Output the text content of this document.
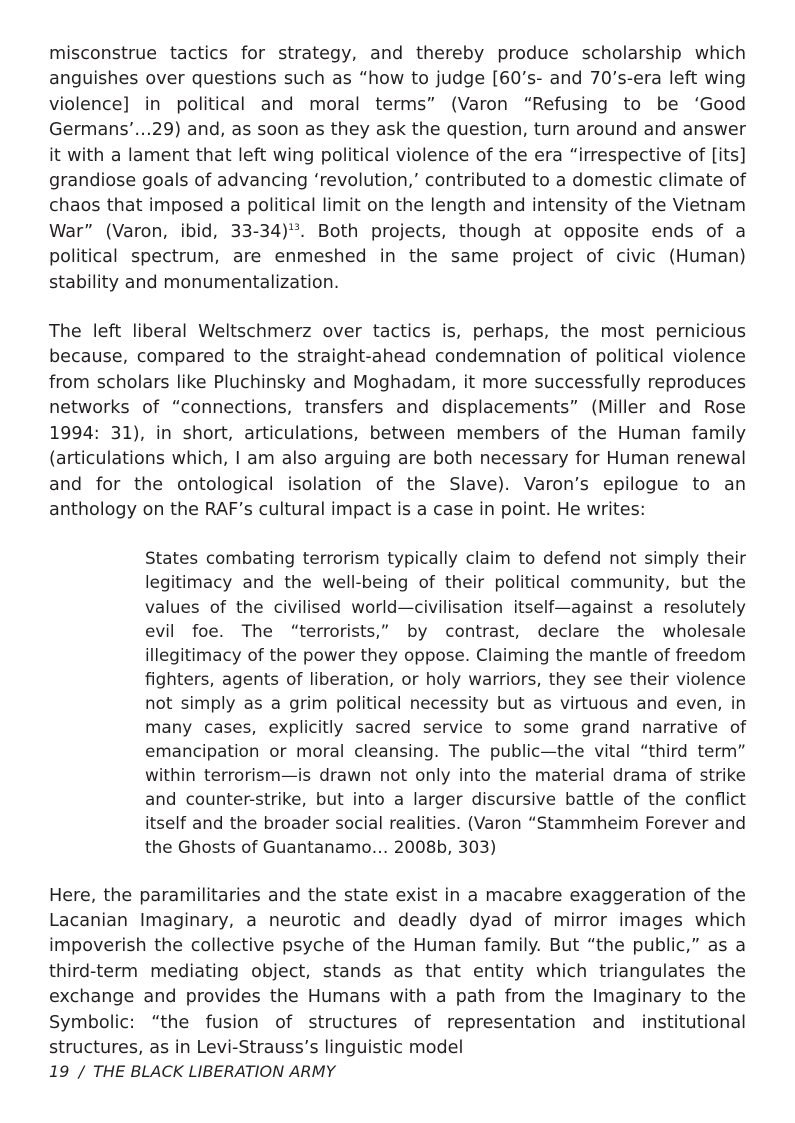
misconstrue tactics for strategy, and thereby produce scholarship which anguishes over questions such as “how to judge [60’s- and 70’s-era left wing violence] in political and moral terms” (Varon “Refusing to be ‘Good Germans’…29) and, as soon as they ask the question, turn around and answer it with a lament that left wing political violence of the era “irrespective of [its] grandiose goals of advancing ‘revolution,’ contributed to a domestic climate of chaos that imposed a political limit on the length and intensity of the Vietnam War” (Varon, ibid, 33-34)$^{13}$. Both projects, though at opposite ends of a political spectrum, are enmeshed in the same project of civic (Human) stability and monumentalization.

The left liberal Weltschmerz over tactics is, perhaps, the most pernicious because, compared to the straight-ahead condemnation of political violence from scholars like Pluchinsky and Moghadam, it more successfully reproduces networks of “connections, transfers and displacements” (Miller and Rose 1994: 31), in short, articulations, between members of the Human family (articulations which, I am also arguing are both necessary for Human renewal and for the ontological isolation of the Slave). Varon’s epilogue to an anthology on the RAF’s cultural impact is a case in point. He writes:

States combating terrorism typically claim to defend not simply their legitimacy and the well-being of their political community, but the values of the civilised world—civilisation itself—against a resolutely evil foe. The “terrorists,” by contrast, declare the wholesale illegitimacy of the power they oppose. Claiming the mantle of freedom fighters, agents of liberation, or holy warriors, they see their violence not simply as a grim political necessity but as virtuous and even, in many cases, explicitly sacred service to some grand narrative of emancipation or moral cleansing. The public—the vital “third term” within terrorism—is drawn not only into the material drama of strike and counter-strike, but into a larger discursive battle of the conflict itself and the broader social realities. (Varon “Stammheim Forever and the Ghosts of Guantanamo… 2008b, 303)

Here, the paramilitaries and the state exist in a macabre exaggeration of the Lacanian Imaginary, a neurotic and deadly dyad of mirror images which impoverish the collective psyche of the Human family. But “the public,” as a third-term mediating object, stands as that entity which triangulates the exchange and provides the Humans with a path from the Imaginary to the Symbolic: “the fusion of structures of representation and institutional structures, as in Levi-Strauss’s linguistic model

19 / THE BLACK LIBERATION ARMY
